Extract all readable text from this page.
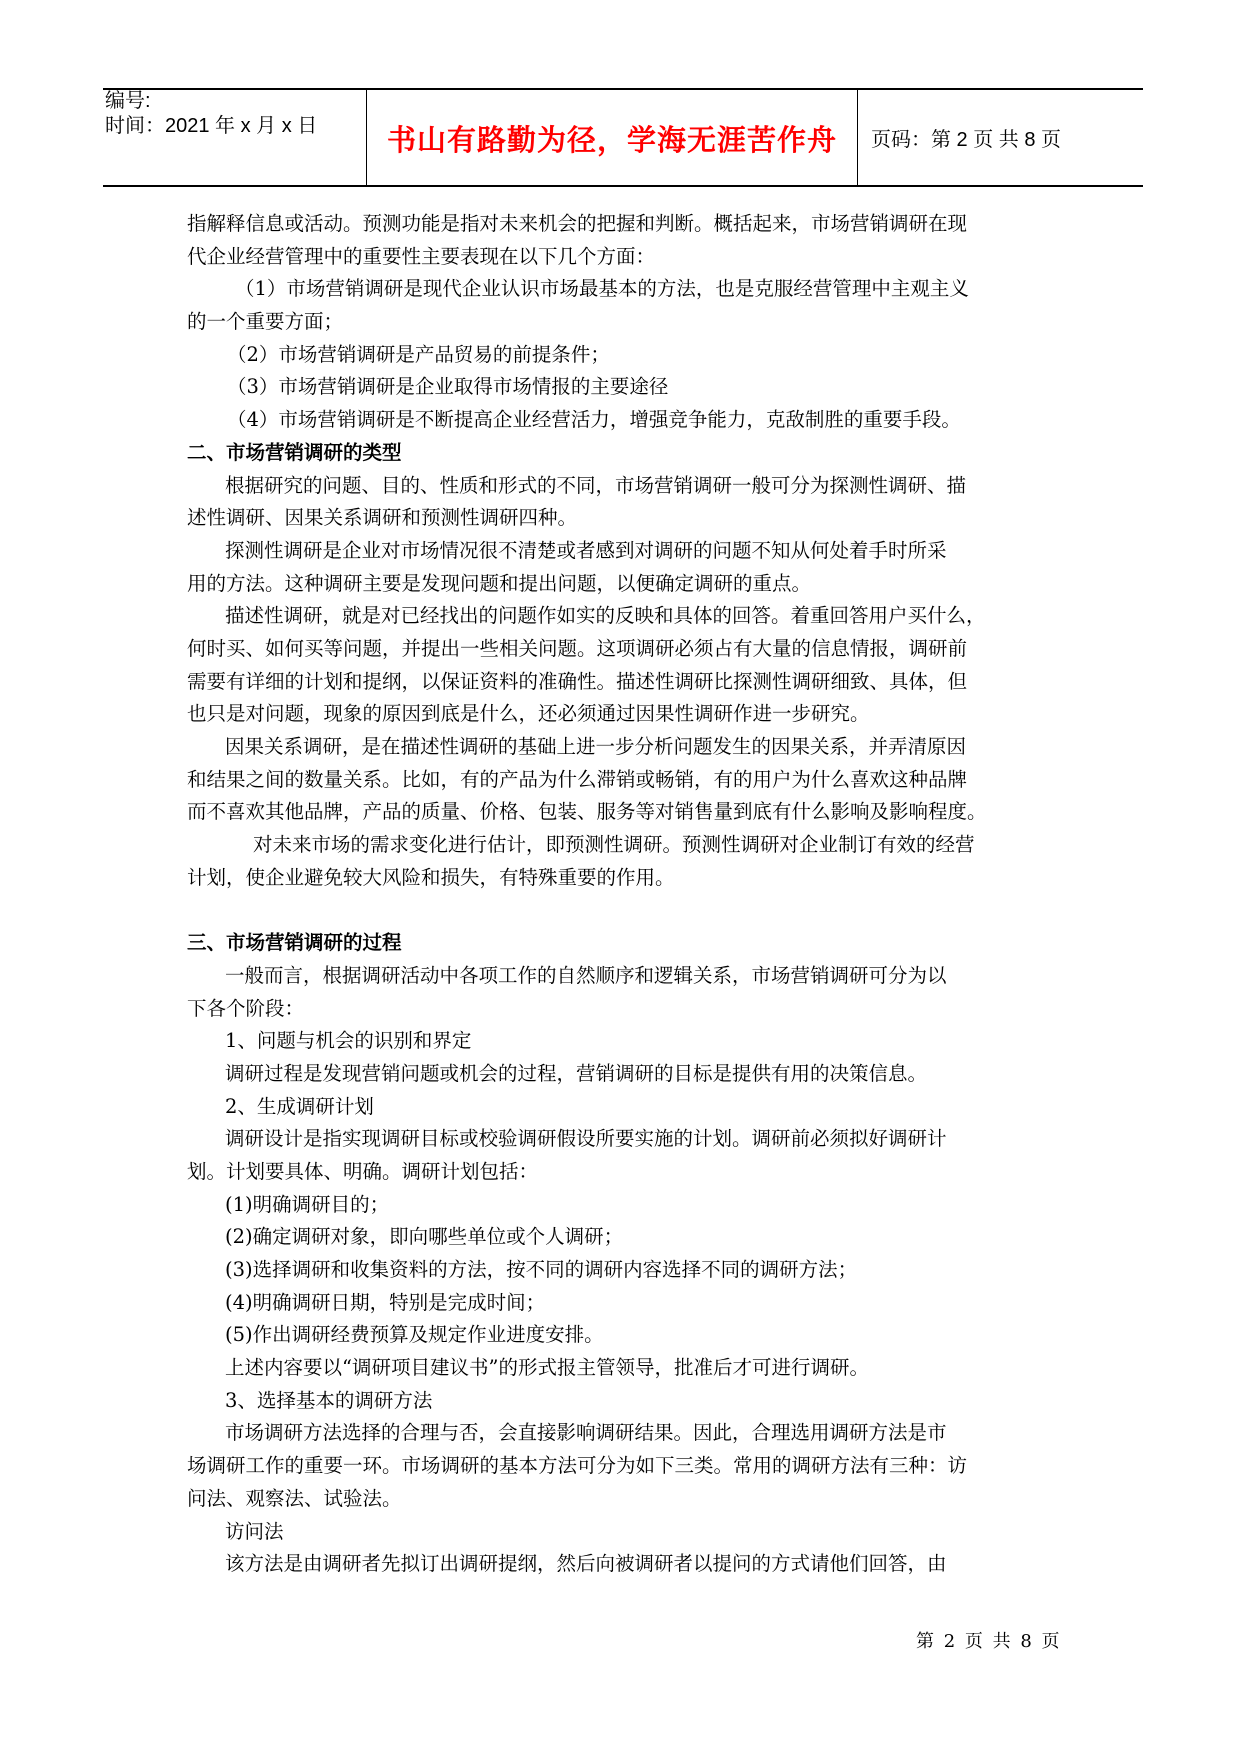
编号:
时间：2021 年 x 月 x 日	书山有路勤为径，学海无涯苦作舟	页码：第 2 页 共 8 页
指解释信息或活动。预测功能是指对未来机会的把握和判断。概括起来，市场营销调研在现
代企业经营管理中的重要性主要表现在以下几个方面：
（1）市场营销调研是现代企业认识市场最基本的方法，也是克服经营管理中主观主义
的一个重要方面；
（2）市场营销调研是产品贸易的前提条件；
（3）市场营销调研是企业取得市场情报的主要途径
（4）市场营销调研是不断提高企业经营活力，增强竞争能力，克敌制胜的重要手段。
二、市场营销调研的类型
根据研究的问题、目的、性质和形式的不同，市场营销调研一般可分为探测性调研、描
述性调研、因果关系调研和预测性调研四种。
探测性调研是企业对市场情况很不清楚或者感到对调研的问题不知从何处着手时所采
用的方法。这种调研主要是发现问题和提出问题，以便确定调研的重点。
描述性调研，就是对已经找出的问题作如实的反映和具体的回答。着重回答用户买什么，
何时买、如何买等问题，并提出一些相关问题。这项调研必须占有大量的信息情报，调研前
需要有详细的计划和提纲，以保证资料的准确性。描述性调研比探测性调研细致、具体，但
也只是对问题，现象的原因到底是什么，还必须通过因果性调研作进一步研究。
因果关系调研，是在描述性调研的基础上进一步分析问题发生的因果关系，并弄清原因
和结果之间的数量关系。比如，有的产品为什么滞销或畅销，有的用户为什么喜欢这种品牌
而不喜欢其他品牌，产品的质量、价格、包装、服务等对销售量到底有什么影响及影响程度。
对未来市场的需求变化进行估计，即预测性调研。预测性调研对企业制订有效的经营
计划，使企业避免较大风险和损失，有特殊重要的作用。
三、市场营销调研的过程
一般而言，根据调研活动中各项工作的自然顺序和逻辑关系，市场营销调研可分为以
下各个阶段：
1、问题与机会的识别和界定
调研过程是发现营销问题或机会的过程，营销调研的目标是提供有用的决策信息。
2、生成调研计划
调研设计是指实现调研目标或校验调研假设所要实施的计划。调研前必须拟好调研计
划。计划要具体、明确。调研计划包括：
(1)明确调研目的；
(2)确定调研对象，即向哪些单位或个人调研；
(3)选择调研和收集资料的方法，按不同的调研内容选择不同的调研方法；
(4)明确调研日期，特别是完成时间；
(5)作出调研经费预算及规定作业进度安排。
上述内容要以“调研项目建议书”的形式报主管领导，批准后才可进行调研。
3、选择基本的调研方法
市场调研方法选择的合理与否，会直接影响调研结果。因此，合理选用调研方法是市
场调研工作的重要一环。市场调研的基本方法可分为如下三类。常用的调研方法有三种：访
问法、观察法、试验法。
访问法
该方法是由调研者先拟订出调研提纲，然后向被调研者以提问的方式请他们回答，由
第 2 页 共 8 页
